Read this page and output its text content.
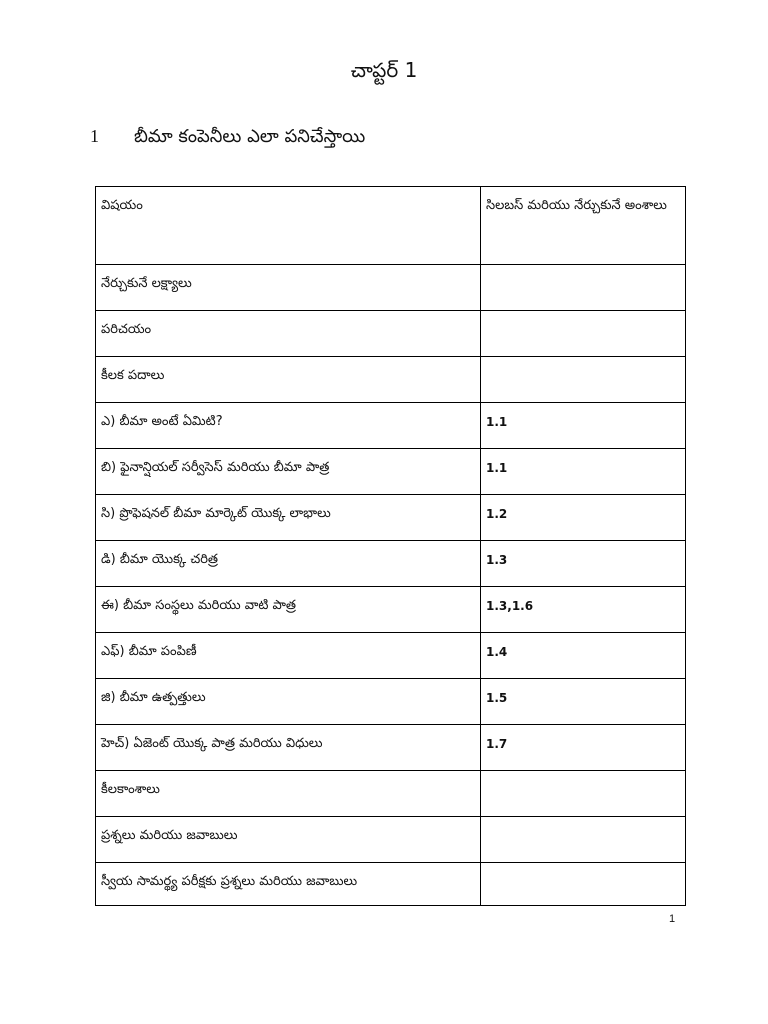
చాప్టర్ 1
1	బీమా కంపెనీలు ఎలా పనిచేస్తాయి
విషయం	సిలబస్ మరియు నేర్చుకునే అంశాలు
నేర్చుకునే లక్ష్యాలు	
పరిచయం	
కీలక పదాలు	
ఎ) బీమా అంటే ఏమిటి?	1.1
బి) ఫైనాన్షియల్ సర్వీసెస్ మరియు బీమా పాత్ర	1.1
సి) ప్రొఫెషనల్ బీమా మార్కెట్ యొక్క లాభాలు	1.2
డి) బీమా యొక్క చరిత్ర	1.3
ఈ) బీమా సంస్థలు మరియు వాటి పాత్ర	1.3,1.6
ఎఫ్) బీమా పంపిణీ	1.4
జి) బీమా ఉత్పత్తులు	1.5
హెచ్) ఏజెంట్ యొక్క పాత్ర మరియు విధులు	1.7
కీలకాంశాలు	
ప్రశ్నలు మరియు జవాబులు	
స్వీయ సామర్థ్య పరీక్షకు ప్రశ్నలు మరియు జవాబులు	
1
